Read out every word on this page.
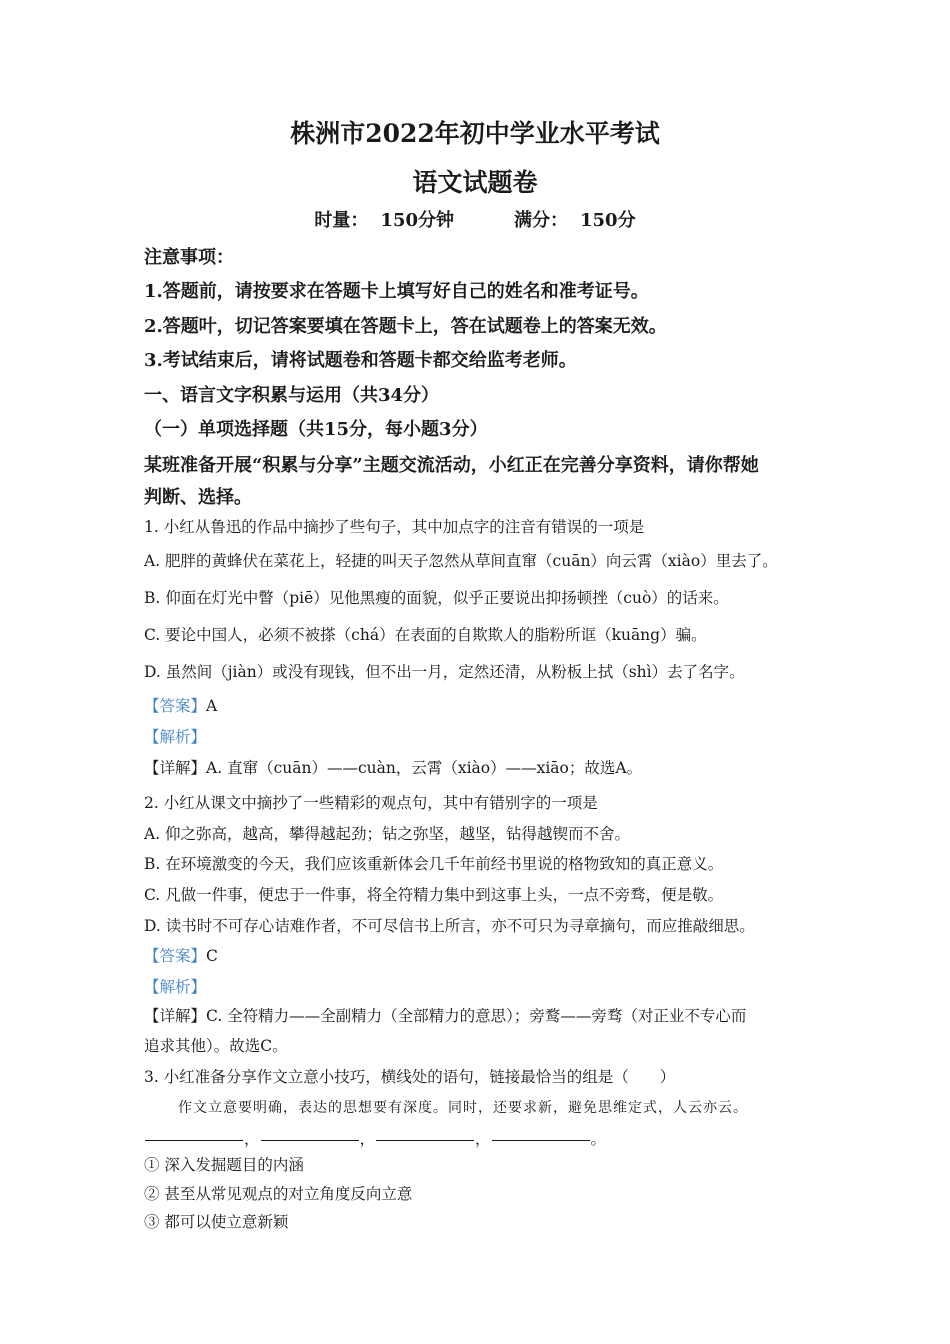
株洲市2022年初中学业水平考试
语文试题卷
时量： 150分钟	满分： 150分
注意事项：
1.答题前，请按要求在答题卡上填写好自己的姓名和准考证号。
2.答题叶，切记答案要填在答题卡上，答在试题卷上的答案无效。
3.考试结束后，请将试题卷和答题卡都交给监考老师。
一、语言文字积累与运用（共34分）
（一）单项选择题（共15分，每小题3分）
某班准备开展“积累与分享”主题交流活动，小红正在完善分享资料，请你帮她
判断、选择。
1. 小红从鲁迅的作品中摘抄了些句子，其中加点字的注音有错误的一项是
A. 肥胖的黄蜂伏在菜花上，轻捷的叫天子忽然从草间直窜（cuān）向云霄（xiào）里去了。
B. 仰面在灯光中瞥（piē）见他黑瘦的面貌，似乎正要说出抑扬顿挫（cuò）的话来。
C. 要论中国人，必须不被搽（chá）在表面的自欺欺人的脂粉所诓（kuāng）骗。
D. 虽然间（jiàn）或没有现钱，但不出一月，定然还清，从粉板上拭（shì）去了名字。
【答案】A
【解析】
【详解】A. 直窜（cuān）——cuàn，云霄（xiào）——xiāo；故选A。
2. 小红从课文中摘抄了一些精彩的观点句，其中有错别字的一项是
A. 仰之弥高，越高，攀得越起劲；钻之弥坚，越坚，钻得越锲而不舍。
B. 在环境激变的今天，我们应该重新体会几千年前经书里说的格物致知的真正意义。
C. 凡做一件事，便忠于一件事，将全符精力集中到这事上头，一点不旁骛，便是敬。
D. 读书时不可存心诘难作者，不可尽信书上所言，亦不可只为寻章摘句，而应推敲细思。
【答案】C
【解析】
【详解】C. 全符精力——全副精力（全部精力的意思）；旁鹜——旁骛（对正业不专心而
追求其他）。故选C。
3. 小红准备分享作文立意小技巧，横线处的语句，链接最恰当的组是（　　）
作文立意要明确，表达的思想要有深度。同时，还要求新，避免思维定式，人云亦云。
，	，	，	。
① 深入发掘题目的内涵
② 甚至从常见观点的对立角度反向立意
③ 都可以使立意新颖
